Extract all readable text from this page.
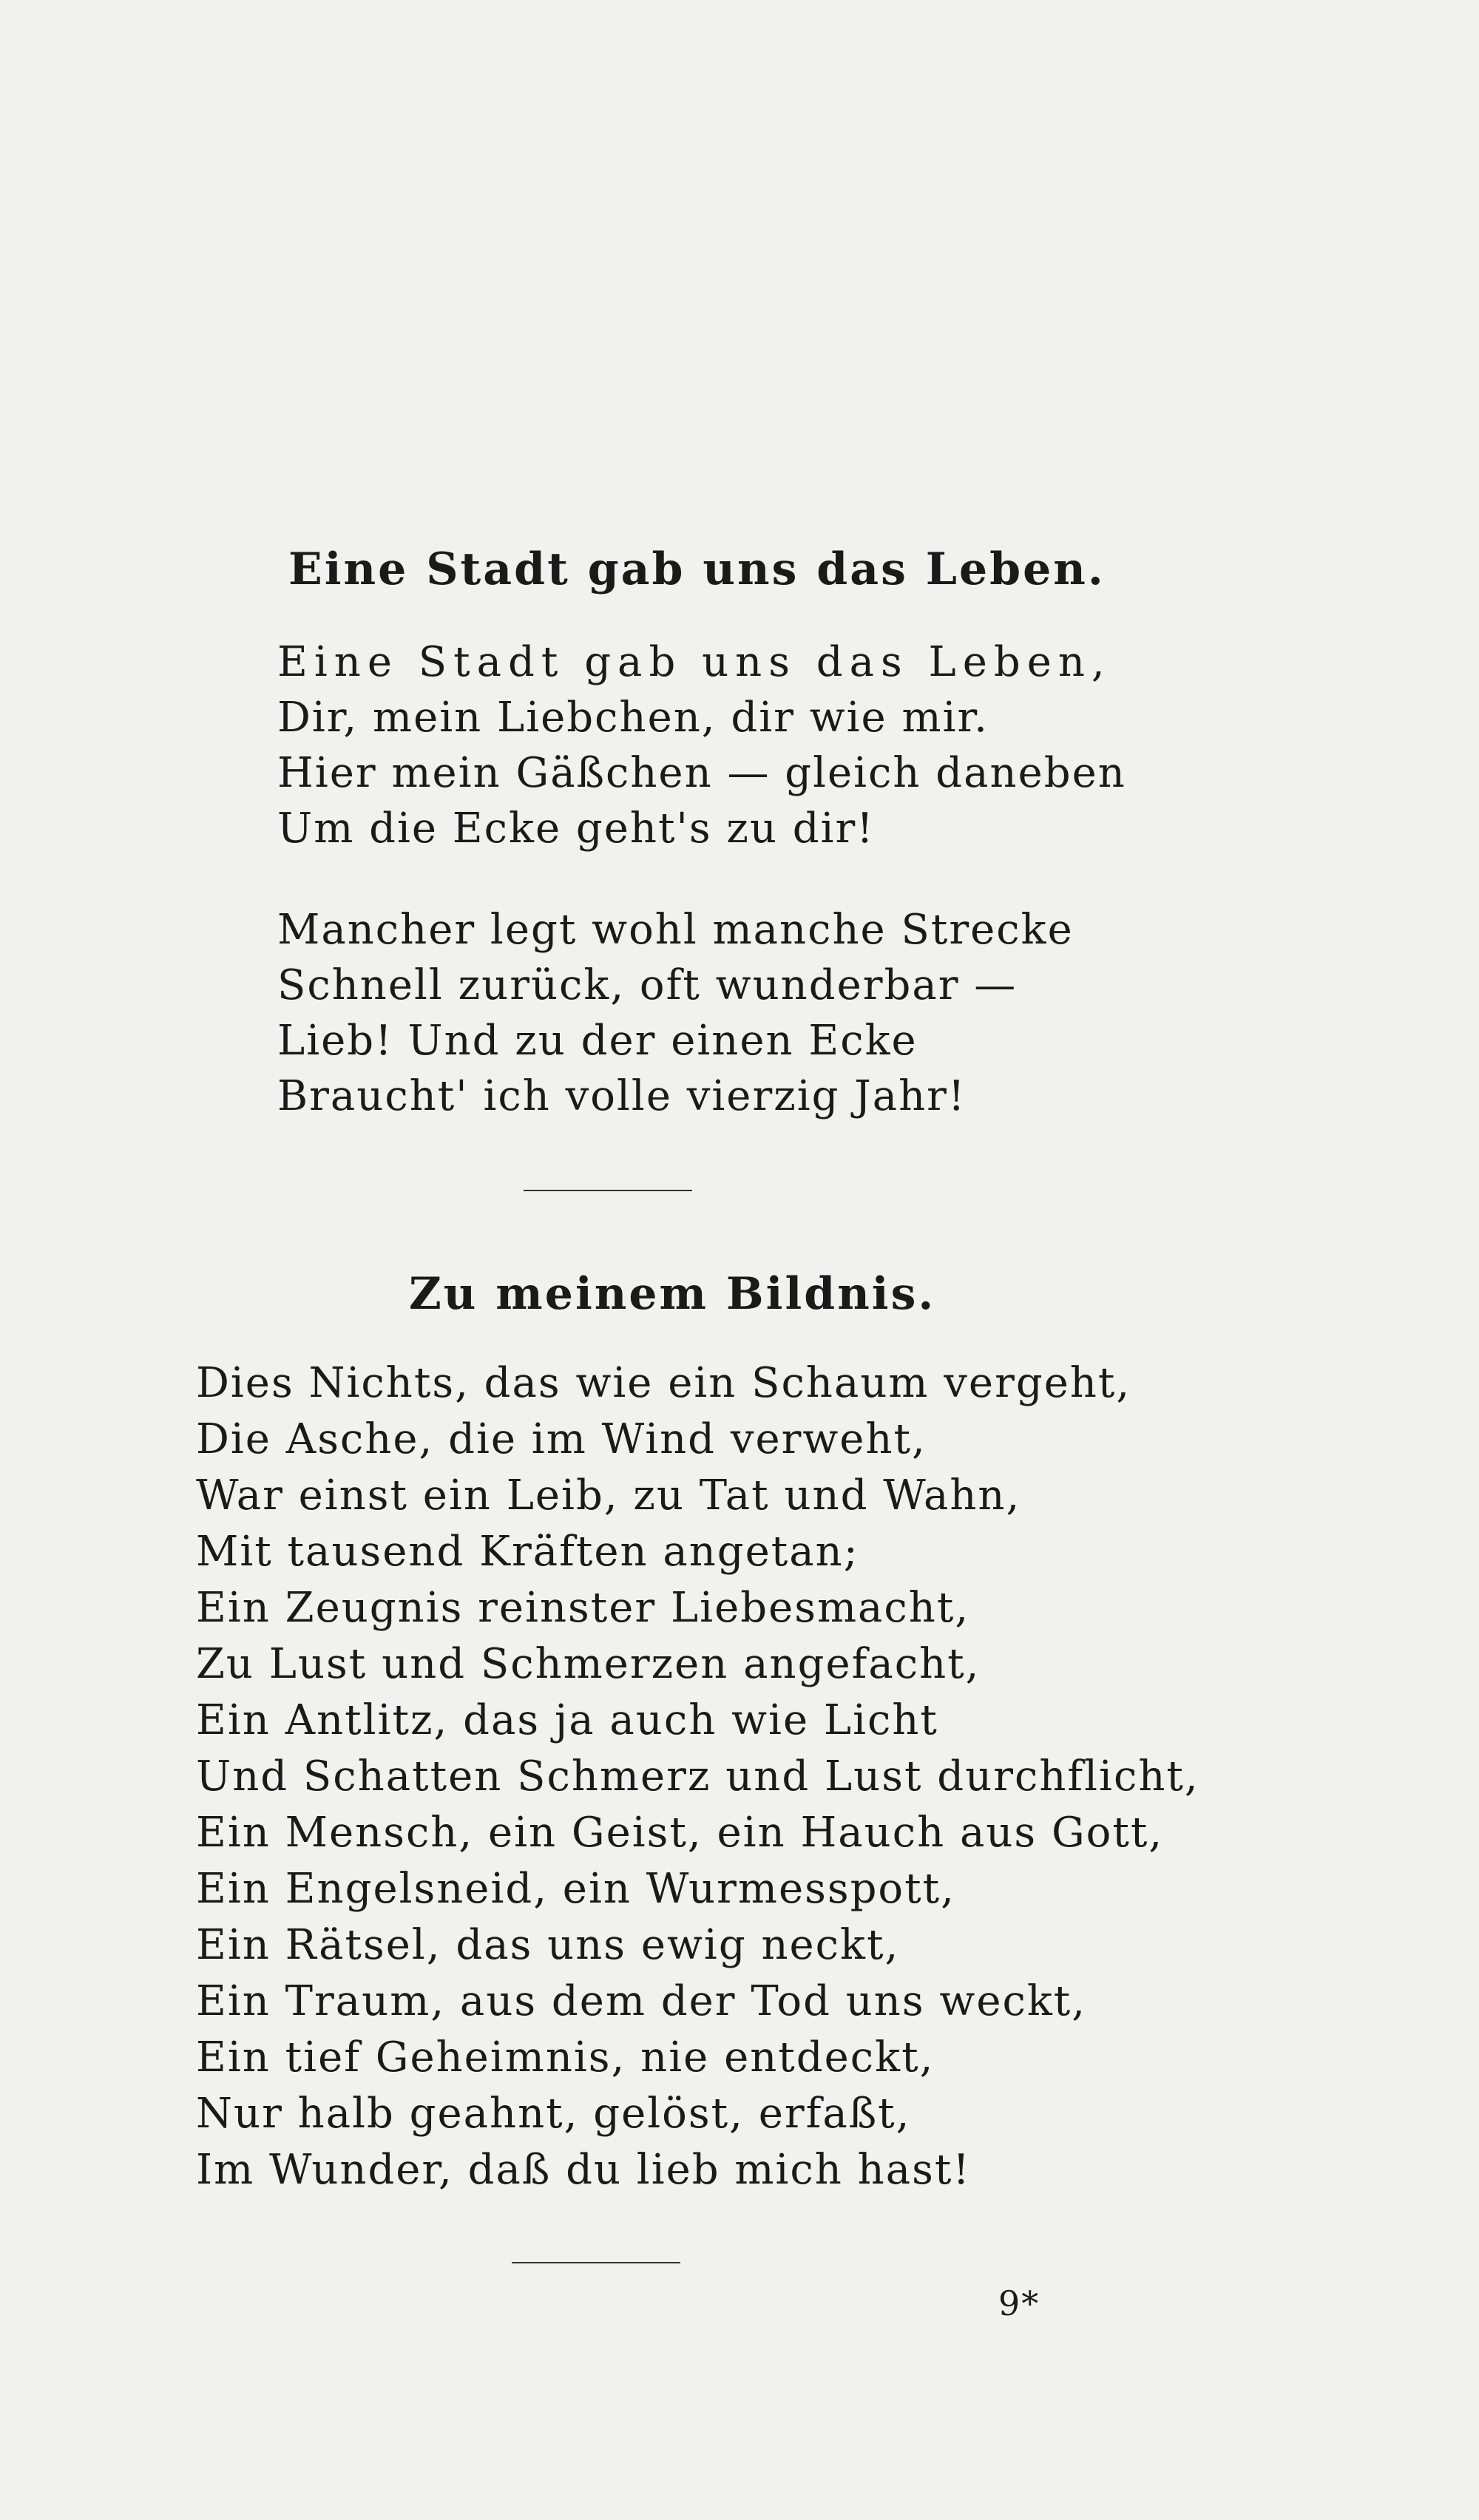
Eine Stadt gab uns das Leben.
Eine Stadt gab uns das Leben,
Dir, mein Liebchen, dir wie mir.
Hier mein Gäßchen — gleich daneben
Um die Ecke geht's zu dir!
Mancher legt wohl manche Strecke
Schnell zurück, oft wunderbar —
Lieb! Und zu der einen Ecke
Braucht' ich volle vierzig Jahr!
Zu meinem Bildnis.
Dies Nichts, das wie ein Schaum vergeht,
Die Asche, die im Wind verweht,
War einst ein Leib, zu Tat und Wahn,
Mit tausend Kräften angetan;
Ein Zeugnis reinster Liebesmacht,
Zu Lust und Schmerzen angefacht,
Ein Antlitz, das ja auch wie Licht
Und Schatten Schmerz und Lust durchflicht,
Ein Mensch, ein Geist, ein Hauch aus Gott,
Ein Engelsneid, ein Wurmesspott,
Ein Rätsel, das uns ewig neckt,
Ein Traum, aus dem der Tod uns weckt,
Ein tief Geheimnis, nie entdeckt,
Nur halb geahnt, gelöst, erfaßt,
Im Wunder, daß du lieb mich hast!
9*
